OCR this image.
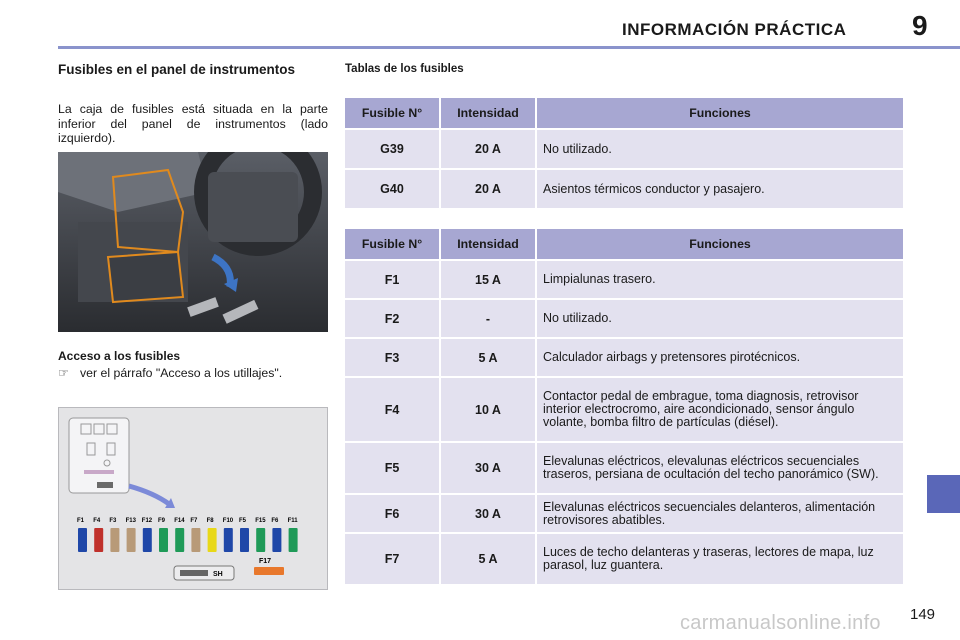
INFORMACIÓN PRÁCTICA 9
Fusibles en el panel de instrumentos
La caja de fusibles está situada en la parte inferior del panel de instrumentos (lado izquierdo).
Acceso a los fusibles
☞ ver el párrafo "Acceso a los utillajes".
F1 F4 F3 F13 F12 F9 F14 F7 F8 F10 F5 F15 F6 F11
SH
F17
Tablas de los fusibles
Fusible N°	Intensidad	Funciones
G39	20 A	No utilizado.
G40	20 A	Asientos térmicos conductor y pasajero.
Fusible N°	Intensidad	Funciones
F1	15 A	Limpialunas trasero.
F2	-	No utilizado.
F3	5 A	Calculador airbags y pretensores pirotécnicos.
F4	10 A	Contactor pedal de embrague, toma diagnosis, retrovisor interior electrocromo, aire acondicionado, sensor ángulo volante, bomba filtro de partículas (diésel).
F5	30 A	Elevalunas eléctricos, elevalunas eléctricos secuenciales traseros, persiana de ocultación del techo panorámico (SW).
F6	30 A	Elevalunas eléctricos secuenciales delanteros, alimentación retrovisores abatibles.
F7	5 A	Luces de techo delanteras y traseras, lectores de mapa, luz parasol, luz guantera.
carmanualsonline.info 149
